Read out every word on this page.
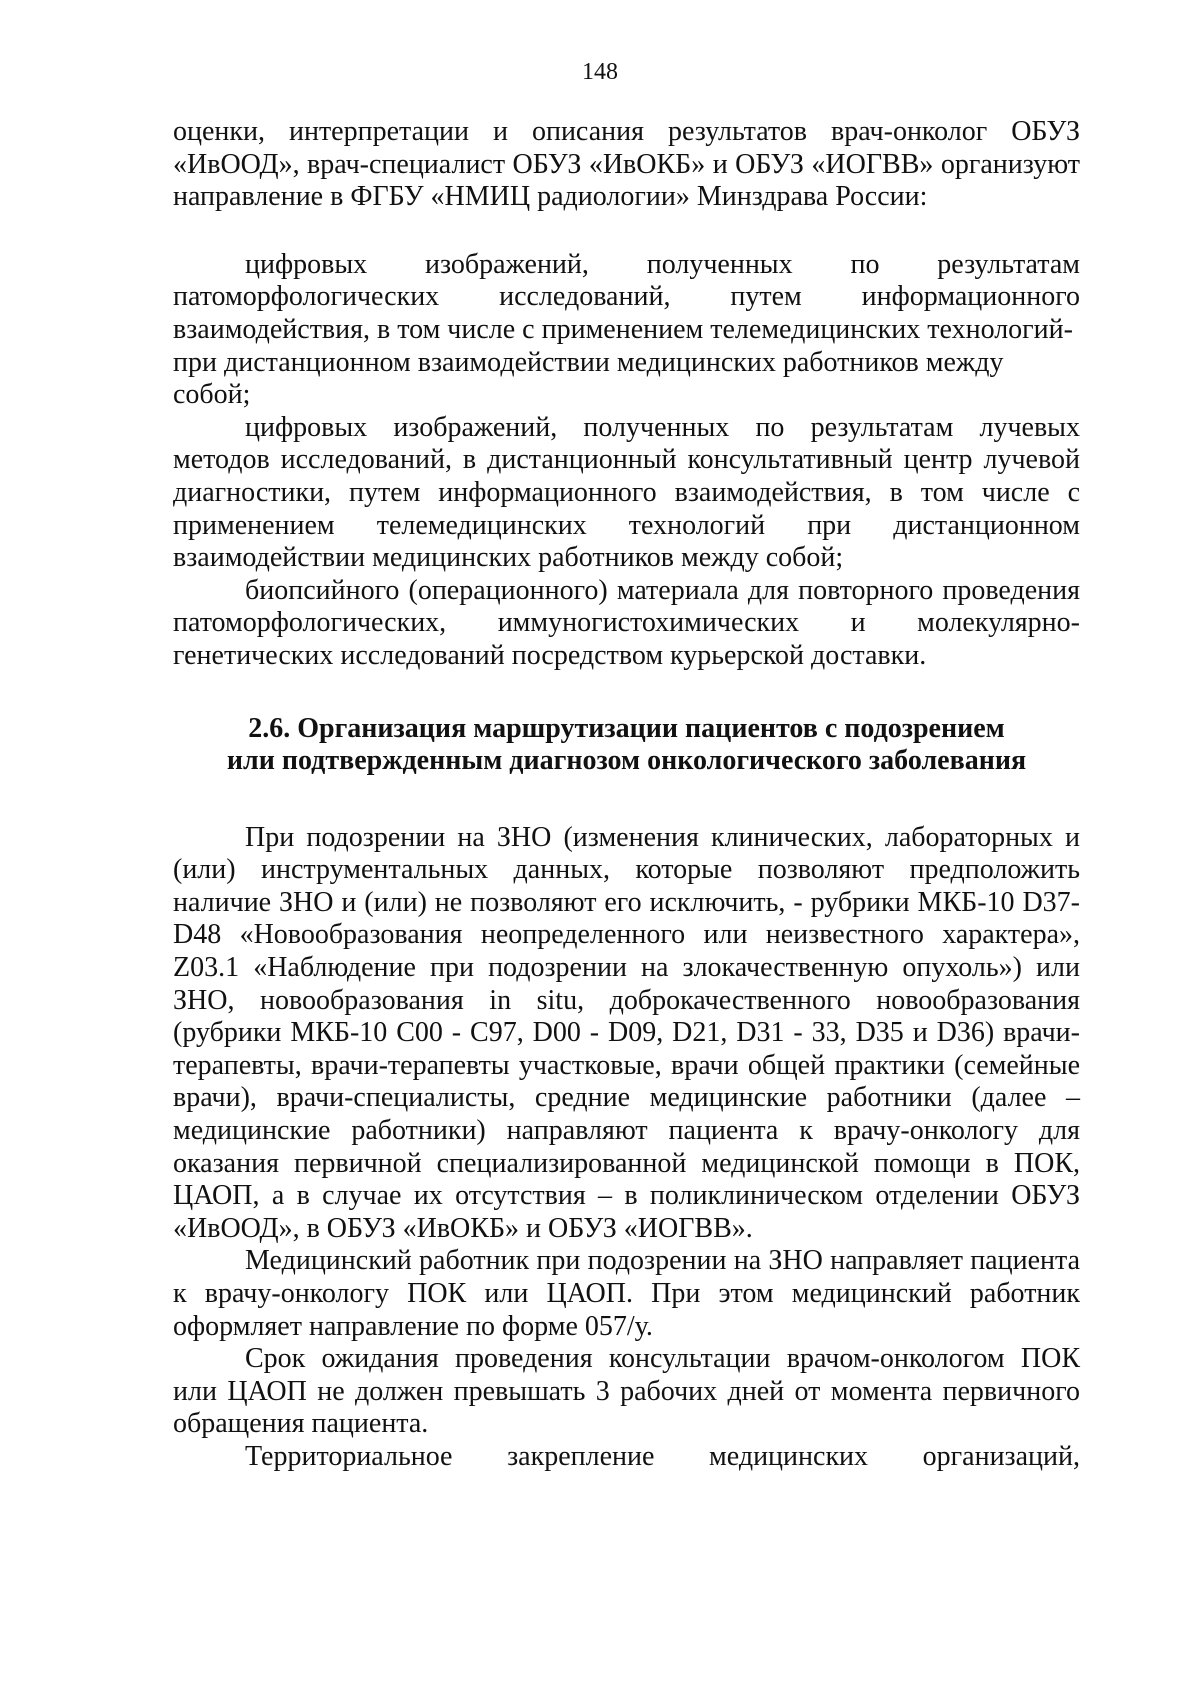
148

оценки, интерпретации и описания результатов врач-онколог ОБУЗ «ИвООД», врач-специалист ОБУЗ «ИвОКБ» и ОБУЗ «ИОГВВ» организуют направление в ФГБУ «НМИЦ радиологии» Минздрава России:

цифровых изображений, полученных по результатам патоморфологических исследований, путем информационного взаимодействия, в том числе с применением телемедицинских технологий-

при дистанционном взаимодействии медицинских работников между собой;

цифровых изображений, полученных по результатам лучевых методов исследований, в дистанционный консультативный центр лучевой диагностики, путем информационного взаимодействия, в том числе с применением телемедицинских технологий при дистанционном взаимодействии медицинских работников между собой;

биопсийного (операционного) материала для повторного проведения патоморфологических, иммуногистохимических и молекулярно-генетических исследований посредством курьерской доставки.

2.6. Организация маршрутизации пациентов с подозрением

или подтвержденным диагнозом онкологического заболевания

При подозрении на ЗНО (изменения клинических, лабораторных и (или) инструментальных данных, которые позволяют предположить наличие ЗНО и (или) не позволяют его исключить, - рубрики МКБ-10 D37-D48 «Новообразования неопределенного или неизвестного характера», Z03.1 «Наблюдение при подозрении на злокачественную опухоль») или ЗНО, новообразования in situ, доброкачественного новообразования (рубрики МКБ-10 С00 - С97, D00 - D09, D21, D31 - 33, D35 и D36) врачи-терапевты, врачи-терапевты участковые, врачи общей практики (семейные врачи), врачи-специалисты, средние медицинские работники (далее – медицинские работники) направляют пациента к врачу-онкологу для оказания первичной специализированной медицинской помощи в ПОК, ЦАОП, а в случае их отсутствия – в поликлиническом отделении ОБУЗ «ИвООД», в ОБУЗ «ИвОКБ» и ОБУЗ «ИОГВВ».

Медицинский работник при подозрении на ЗНО направляет пациента к врачу-онкологу ПОК или ЦАОП. При этом медицинский работник оформляет направление по форме 057/у.

Срок ожидания проведения консультации врачом-онкологом ПОК или ЦАОП не должен превышать 3 рабочих дней от момента первичного обращения пациента.

Территориальное закрепление медицинских организаций,
